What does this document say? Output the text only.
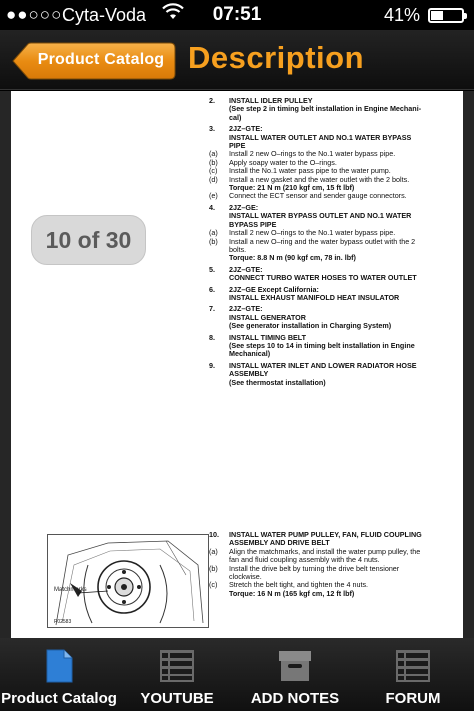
●●○○○ Cyta-Voda	07:51	41%
Product Catalog Description
2.	INSTALL IDLER PULLEY
(See step 2 in timing belt installation in Engine Mechani-
cal)
3.	2JZ–GTE:
INSTALL WATER OUTLET AND NO.1 WATER BYPASS
PIPE
(a)	Install 2 new O–rings to the No.1 water bypass pipe.
(b)	Apply soapy water to the O–rings.
(c)	Install the No.1 water pass pipe to the water pump.
(d)	Install a new gasket and the water outlet with the 2 bolts.
Torque: 21 N m (210 kgf cm, 15 ft lbf)
(e)	Connect the ECT sensor and sender gauge connectors.
4.	2JZ–GE:
INSTALL WATER BYPASS OUTLET AND NO.1 WATER
BYPASS PIPE
(a)	Install 2 new O–rings to the No.1 water bypass pipe.
(b)	Install a new O–ring and the water bypass outlet with the 2
bolts.
Torque: 8.8 N m (90 kgf cm, 78 in. lbf)
5.	2JZ–GTE:
CONNECT TURBO WATER HOSES TO WATER OUTLET
6.	2JZ–GE Except California:
INSTALL EXHAUST MANIFOLD HEAT INSULATOR
7.	2JZ–GTE:
INSTALL GENERATOR
(See generator installation in Charging System)
8.	INSTALL TIMING BELT
(See steps 10 to 14 in timing belt installation in Engine
Mechanical)
9.	INSTALL WATER INLET AND LOWER RADIATOR HOSE
ASSEMBLY
(See thermostat installation)
Matchmarks
P02583
10.	INSTALL WATER PUMP PULLEY, FAN, FLUID COUPLING
ASSEMBLY AND DRIVE BELT
(a)	Align the matchmarks, and install the water pump pulley, the
fan and fluid coupling assembly with the 4 nuts.
(b)	Install the drive belt by turning the drive belt tensioner
clockwise.
(c)	Stretch the belt tight, and tighten the 4 nuts.
Torque: 16 N m (165 kgf cm, 12 ft lbf)
10 of 30
Product Catalog	YOUTUBE	ADD NOTES	FORUM
